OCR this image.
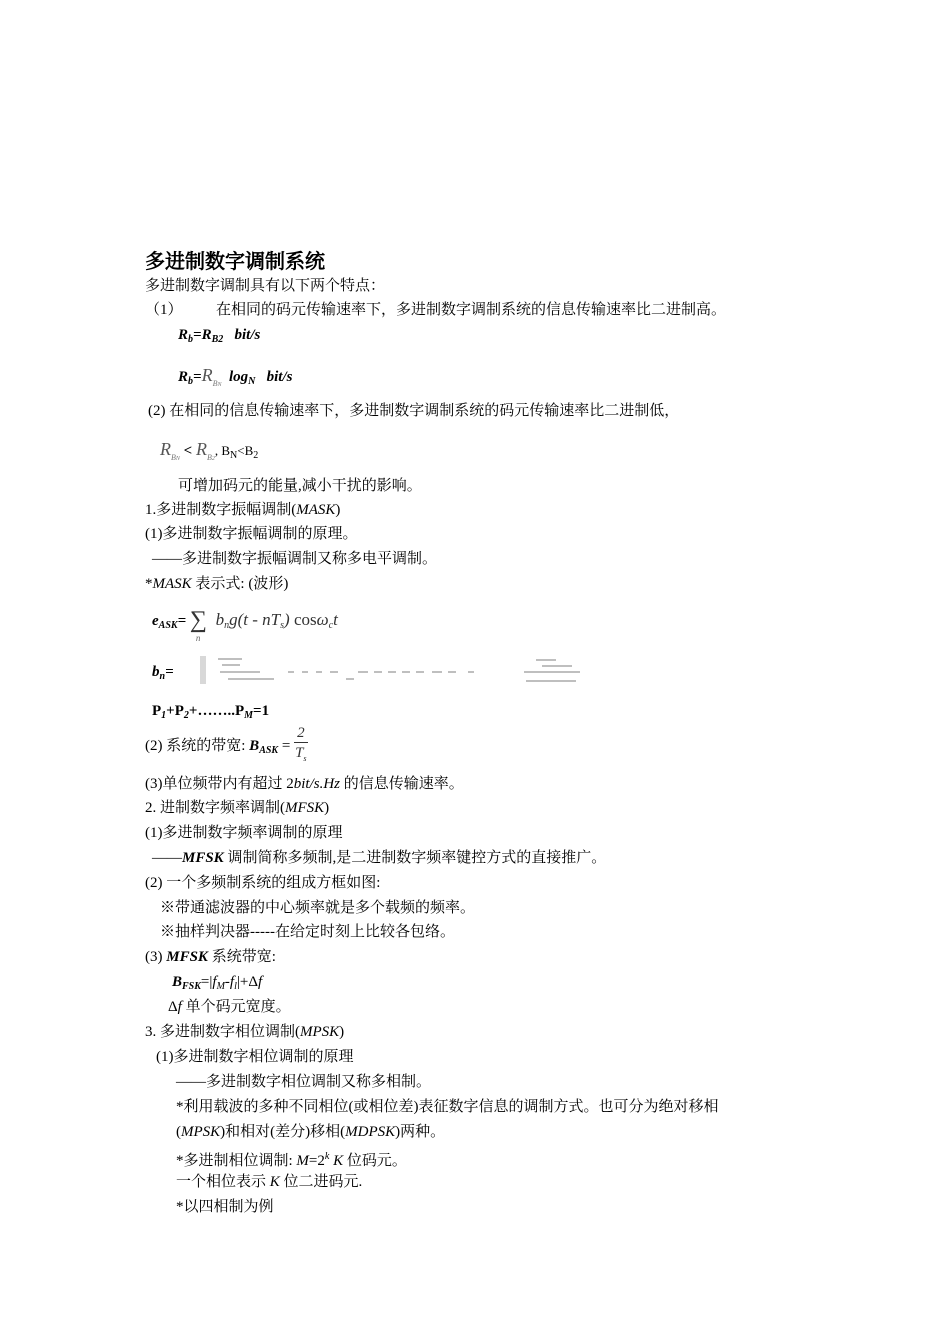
多进制数字调制系统
多进制数字调制具有以下两个特点：
（1） 在相同的码元传输速率下，多进制数字调制系统的信息传输速率比二进制高。
$R_b=R_{B2}$ bit/s
$R_b=R_{BN}$ $\log_N bit/s$
(2) 在相同的信息传输速率下，多进制数字调制系统的码元传输速率比二进制低，
$R_{BN} < R_{B2}$, $B_N<B_2$
可增加码元的能量,减小干扰的影响。
1.多进制数字振幅调制(MASK)
(1)多进制数字振幅调制的原理。
——多进制数字振幅调制又称多电平调制。
*MASK 表示式: (波形)
$e_{ASK}=$ ∑
n
$b_ng(t - nT_s)$ cosω$_c$t
$b_n=$
$P_1+P_2+\dots\dots..P_M=1$
(2) 系统的带宽: $B_{ASK} = \frac{2}{T_s}$
(3)单位频带内有超过 2bit/s.Hz 的信息传输速率。
2. 进制数字频率调制(MFSK)
(1)多进制数字频率调制的原理
——MFSK 调制简称多频制,是二进制数字频率键控方式的直接推广。
(2) 一个多频制系统的组成方框如图:
※带通滤波器的中心频率就是多个载频的频率。
※抽样判决器-----在给定时刻上比较各包络。
(3) MFSK 系统带宽:
$B_{FSK}=|f_M-f_l|+\Delta f$
Δf 单个码元宽度。
3. 多进制数字相位调制(MPSK)
(1)多进制数字相位调制的原理
——多进制数字相位调制又称多相制。
*利用载波的多种不同相位(或相位差)表征数字信息的调制方式。也可分为绝对移相
(MPSK)和相对(差分)移相(MDPSK)两种。
*多进制相位调制: $M=2^k$ K 位码元。
一个相位表示 K 位二进码元.
*以四相制为例
